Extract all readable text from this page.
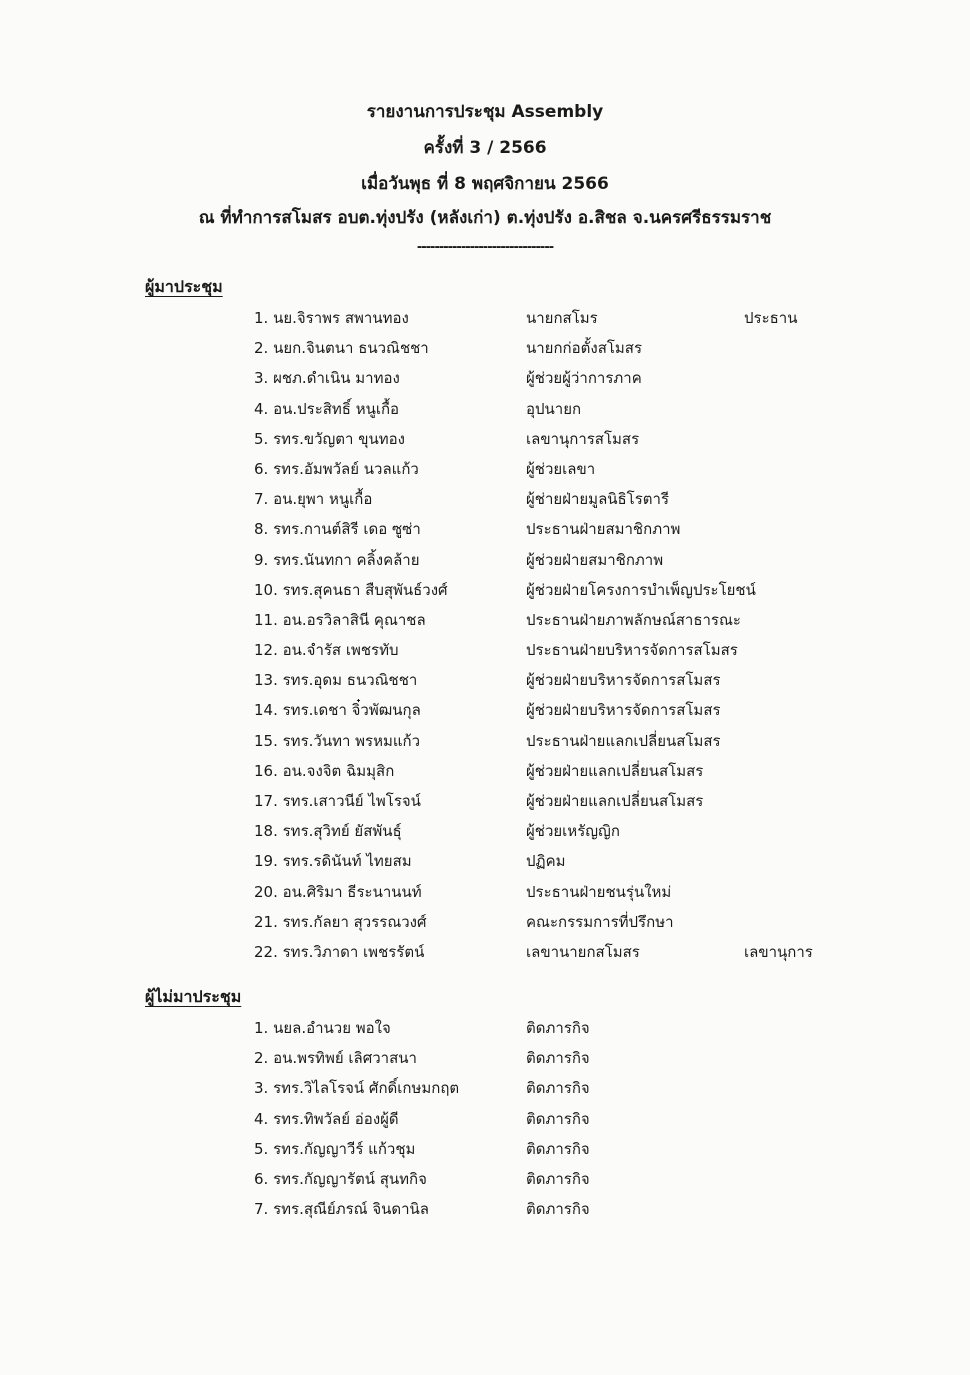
รายงานการประชุม Assembly
ครั้งที่ 3 / 2566
เมื่อวันพุธ ที่ 8 พฤศจิกายน 2566
ณ ที่ทำการสโมสร อบต.ทุ่งปรัง (หลังเก่า) ต.ทุ่งปรัง อ.สิชล จ.นครศรีธรรมราช
-------------------------------
ผู้มาประชุม
1. นย.จิราพร สพานทอง	นายกสโมร	ประธาน
2. นยก.จินตนา ธนวณิชชา	นายกก่อตั้งสโมสร
3. ผชภ.ดำเนิน มาทอง	ผู้ช่วยผู้ว่าการภาค
4. อน.ประสิทธิ์ หนูเกื้อ	อุปนายก
5. รทร.ขวัญตา ขุนทอง	เลขานุการสโมสร
6. รทร.อัมพวัลย์ นวลแก้ว	ผู้ช่วยเลขา
7. อน.ยุพา หนูเกื้อ	ผู้ช่ายฝ่ายมูลนิธิโรตารี
8. รทร.กานต์สิรี เดอ ซูซ่า	ประธานฝ่ายสมาชิกภาพ
9. รทร.นันทกา คลิ้งคล้าย	ผู้ช่วยฝ่ายสมาชิกภาพ
10. รทร.สุคนธา สืบสุพันธ์วงศ์	ผู้ช่วยฝ่ายโครงการบำเพ็ญประโยชน์
11. อน.อรวิลาสินี คุณาชล	ประธานฝ่ายภาพลักษณ์สาธารณะ
12. อน.จำรัส เพชรทับ	ประธานฝ่ายบริหารจัดการสโมสร
13. รทร.อุดม ธนวณิชชา	ผู้ช่วยฝ่ายบริหารจัดการสโมสร
14. รทร.เดชา จิ๋วพัฒนกุล	ผู้ช่วยฝ่ายบริหารจัดการสโมสร
15. รทร.วันทา พรหมแก้ว	ประธานฝ่ายแลกเปลี่ยนสโมสร
16. อน.จงจิต ฉิมมุสิก	ผู้ช่วยฝ่ายแลกเปลี่ยนสโมสร
17. รทร.เสาวนีย์ ไพโรจน์	ผู้ช่วยฝ่ายแลกเปลี่ยนสโมสร
18. รทร.สุวิทย์ ยัสพันธุ์	ผู้ช่วยเหรัญญิก
19. รทร.รดินันท์ ไทยสม	ปฏิคม
20. อน.ศิริมา ธีระนานนท์	ประธานฝ่ายชนรุ่นใหม่
21. รทร.กัลยา สุวรรณวงศ์	คณะกรรมการที่ปรึกษา
22. รทร.วิภาดา เพชรรัตน์	เลขานายกสโมสร	เลขานุการ
ผู้ไม่มาประชุม
1. นยล.อำนวย พอใจ	ติดภารกิจ
2. อน.พรทิพย์ เลิศวาสนา	ติดภารกิจ
3. รทร.วิไลโรจน์ ศักดิ์เกษมกฤต	ติดภารกิจ
4. รทร.ทิพวัลย์ อ่องผู้ดี	ติดภารกิจ
5. รทร.กัญญาวีร์ แก้วชุม	ติดภารกิจ
6. รทร.กัญญารัตน์ สุนทกิจ	ติดภารกิจ
7. รทร.สุณีย์ภรณ์ จินดานิล	ติดภารกิจ
